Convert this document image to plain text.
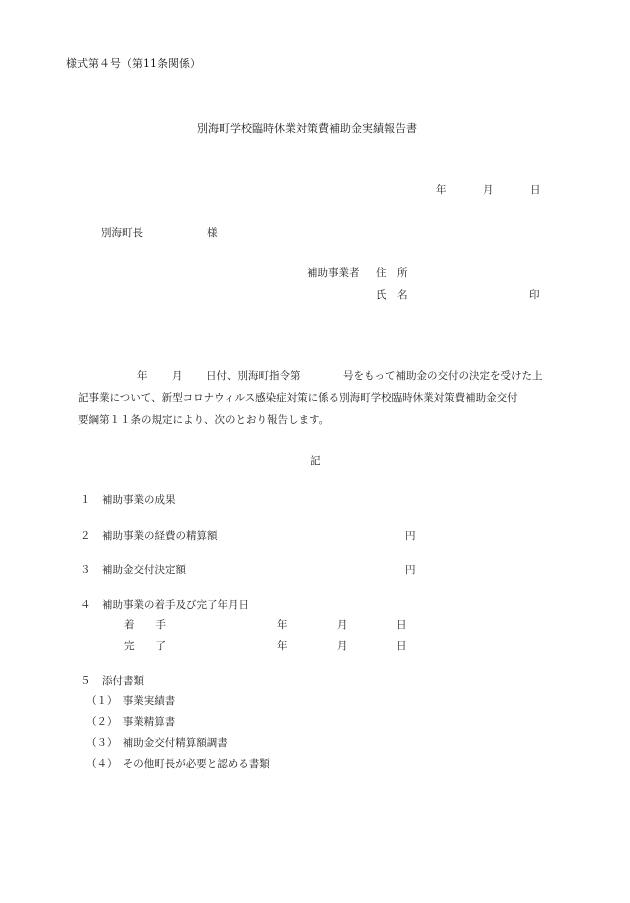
様式第４号（第11条関係）
別海町学校臨時休業対策費補助金実績報告書
年	月	日
別海町長	様
補助事業者 住　所
氏　名	印
年 月 日付、別海町指令第	号をもって補助金の交付の決定を受けた上
記事業について、新型コロナウィルス感染症対策に係る別海町学校臨時休業対策費補助金交付
要綱第１１条の規定により、次のとおり報告します。
記
１ 補助事業の成果
２ 補助事業の経費の精算額	円
３ 補助金交付決定額	円
４ 補助事業の着手及び完了年月日
着　　手	年	月	日
完　　了	年	月	日
５ 添付書類
（１）　事業実績書
（２）　事業精算書
（３）　補助金交付精算額調書
（４）　その他町長が必要と認める書類
